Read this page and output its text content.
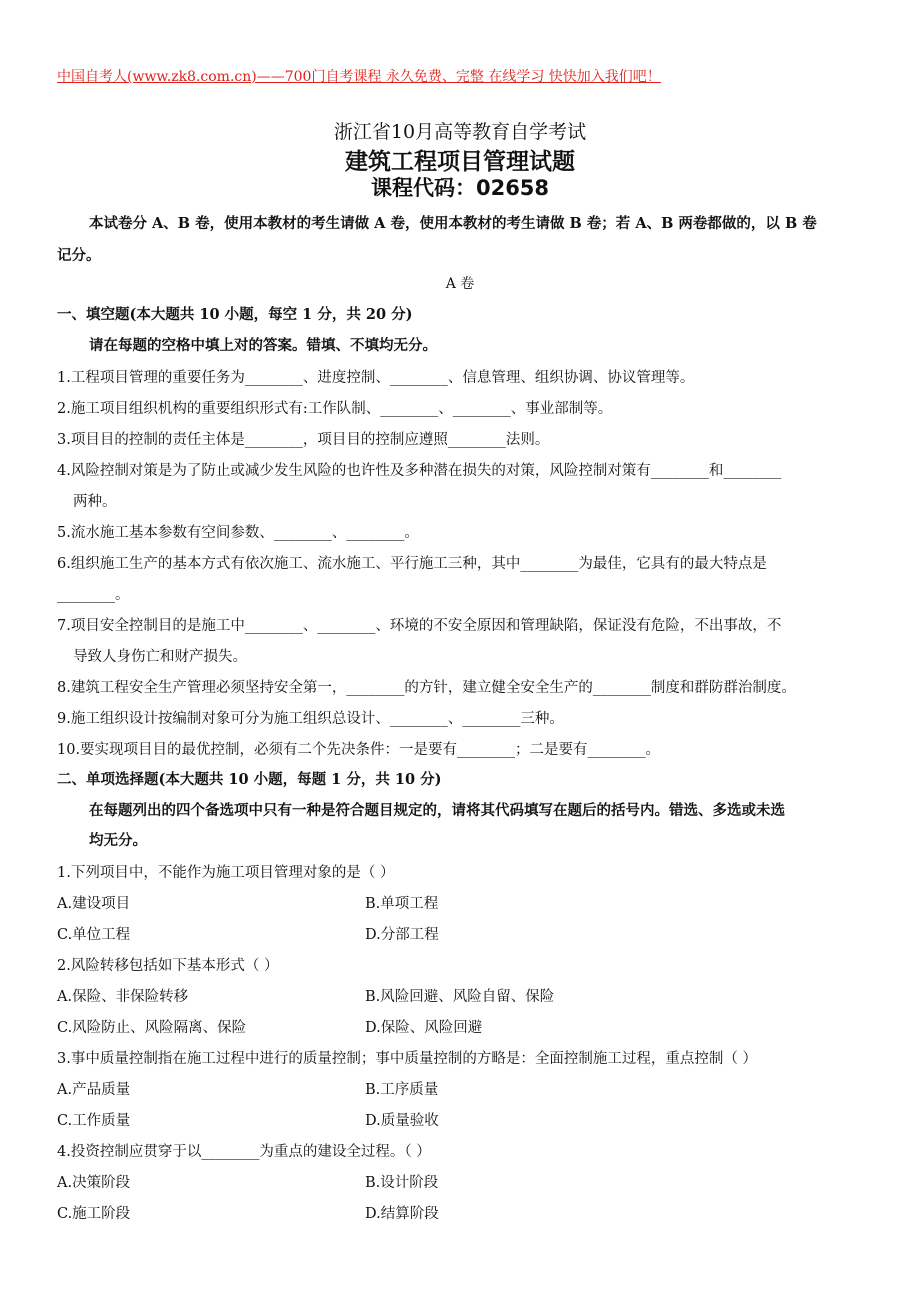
中国自考人(www.zk8.com.cn)——700门自考课程 永久免费、完整 在线学习 快快加入我们吧！
浙江省10月高等教育自学考试
建筑工程项目管理试题
课程代码：02658
本试卷分 A、B 卷，使用本教材的考生请做 A 卷，使用本教材的考生请做 B 卷；若 A、B 两卷都做的，以 B 卷
记分。
A 卷
一、填空题(本大题共 10 小题，每空 1 分，共 20 分)
请在每题的空格中填上对的答案。错填、不填均无分。
1.工程项目管理的重要任务为________、进度控制、________、信息管理、组织协调、协议管理等。
2.施工项目组织机构的重要组织形式有:工作队制、________、________、事业部制等。
3.项目目的控制的责任主体是________，项目目的控制应遵照________法则。
4.风险控制对策是为了防止或减少发生风险的也许性及多种潜在损失的对策，风险控制对策有________和________
两种。
5.流水施工基本参数有空间参数、________、________。
6.组织施工生产的基本方式有依次施工、流水施工、平行施工三种，其中________为最佳，它具有的最大特点是
________。
7.项目安全控制目的是施工中________、________、环境的不安全原因和管理缺陷，保证没有危险，不出事故，不
导致人身伤亡和财产损失。
8.建筑工程安全生产管理必须坚持安全第一，________的方针，建立健全安全生产的________制度和群防群治制度。
9.施工组织设计按编制对象可分为施工组织总设计、________、________三种。
10.要实现项目目的最优控制，必须有二个先决条件：一是要有________；二是要有________。
二、单项选择题(本大题共 10 小题，每题 1 分，共 10 分)
在每题列出的四个备选项中只有一种是符合题目规定的，请将其代码填写在题后的括号内。错选、多选或未选
均无分。
1.下列项目中，不能作为施工项目管理对象的是（ ）
A.建设项目	B.单项工程
C.单位工程	D.分部工程
2.风险转移包括如下基本形式（ ）
A.保险、非保险转移	B.风险回避、风险自留、保险
C.风险防止、风险隔离、保险	D.保险、风险回避
3.事中质量控制指在施工过程中进行的质量控制；事中质量控制的方略是：全面控制施工过程，重点控制（ ）
A.产品质量	B.工序质量
C.工作质量	D.质量验收
4.投资控制应贯穿于以________为重点的建设全过程。（ ）
A.决策阶段	B.设计阶段
C.施工阶段	D.结算阶段
